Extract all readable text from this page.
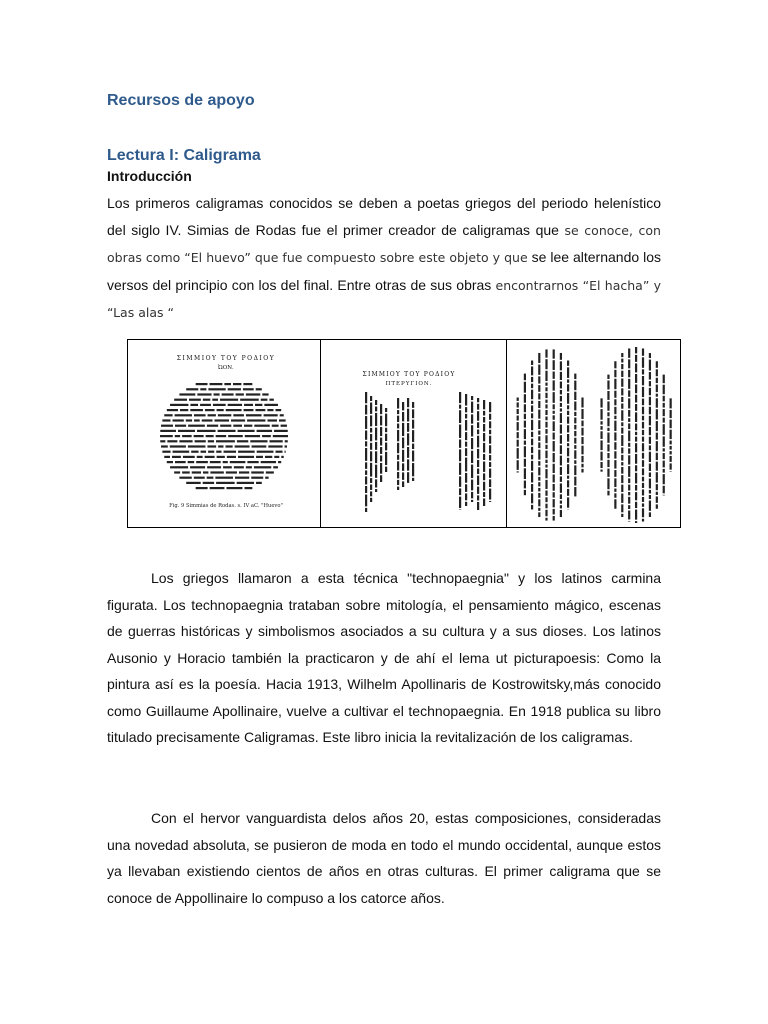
Recursos de apoyo
Lectura I: Caligrama
Introducción

Los primeros caligramas conocidos se deben a poetas griegos del periodo helenístico del siglo IV. Simias de Rodas fue el primer creador de caligramas que se conoce, con obras como “El huevo” que fue compuesto sobre este objeto y que se lee alternando los versos del principio con los del final. Entre otras de sus obras encontrarnos “El hacha” y “Las alas “

ΣΙΜΜΙΟΥ ΤΟΥ ΡΟΔΙΟΥ
ὨΟΝ.
Fig. 9 Simmias de Rodas. s. IV aC. "Huevo"
ΣΙΜΜΙΟΥ ΤΟΥ ΡΟΔΙΟΥ
ΠΤΕΡΥΓΙΟΝ.

Los griegos llamaron a esta técnica "technopaegnia" y los latinos carmina figurata. Los technopaegnia trataban sobre mitología, el pensamiento mágico, escenas de guerras históricas y simbolismos asociados a su cultura y a sus dioses. Los latinos Ausonio y Horacio también la practicaron y de ahí el lema ut picturapoesis: Como la pintura así es la poesía. Hacia 1913, Wilhelm Apollinaris de Kostrowitsky,más conocido como Guillaume Apollinaire, vuelve a cultivar el technopaegnia. En 1918 publica su libro titulado precisamente Caligramas. Este libro inicia la revitalización de los caligramas.

Con el hervor vanguardista delos años 20, estas composiciones, consideradas una novedad absoluta, se pusieron de moda en todo el mundo occidental, aunque estos ya llevaban existiendo cientos de años en otras culturas. El primer caligrama que se conoce de Appollinaire lo compuso a los catorce años.
